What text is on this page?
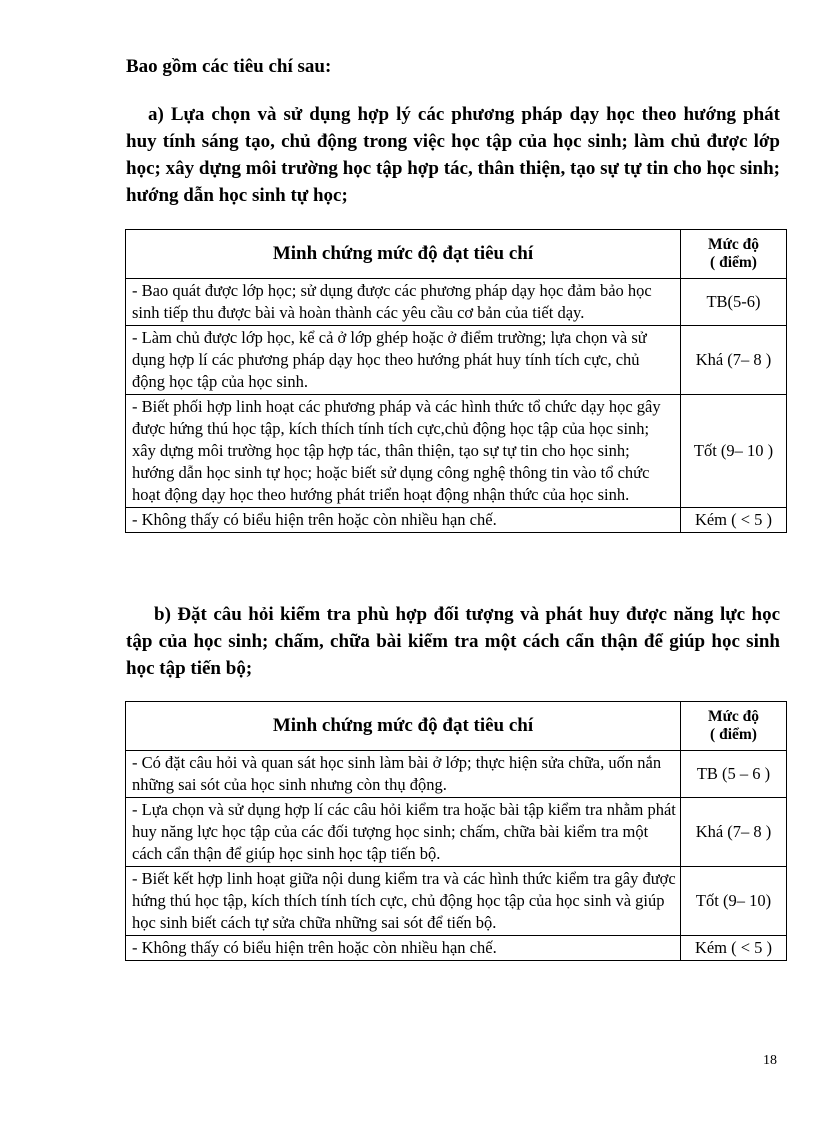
Bao gồm các tiêu chí sau:
a) Lựa chọn và sử dụng hợp lý các phương pháp dạy học theo hướng phát huy tính sáng tạo, chủ động trong việc học tập của học sinh; làm chủ được lớp học; xây dựng môi trường học tập hợp tác, thân thiện, tạo sự tự tin cho học sinh; hướng dẫn học sinh tự học;
Minh chứng mức độ đạt tiêu chí	Mức độ
( điểm)

- Bao quát được lớp học; sử dụng được các phương pháp dạy học đảm bảo học sinh tiếp thu được bài và hoàn thành các yêu cầu cơ bản của tiết dạy.	TB(5-6)
- Làm chủ được lớp học, kể cả ở lớp ghép hoặc ở điểm trường; lựa chọn và sử dụng hợp lí các phương pháp dạy học theo hướng phát huy tính tích cực, chủ động học tập của học sinh.	Khá (7– 8 )
- Biết phối hợp linh hoạt các phương pháp và các hình thức tổ chức dạy học gây được hứng thú học tập, kích thích tính tích cực,chủ động học tập của học sinh; xây dựng môi trường học tập hợp tác, thân thiện, tạo sự tự tin cho học sinh; hướng dẫn học sinh tự học; hoặc biết sử dụng công nghệ thông tin vào tổ chức hoạt động dạy học theo hướng phát triển hoạt động nhận thức của học sinh.	Tốt (9– 10 )
- Không thấy có biểu hiện trên hoặc còn nhiều hạn chế.	Kém ( < 5 )
b) Đặt câu hỏi kiểm tra phù hợp đối tượng và phát huy được năng lực học tập của học sinh; chấm, chữa bài kiểm tra một cách cẩn thận để giúp học sinh học tập tiến bộ;
Minh chứng mức độ đạt tiêu chí	Mức độ
( điểm)

- Có đặt câu hỏi và quan sát học sinh làm bài ở lớp; thực hiện sửa chữa, uốn nắn những sai sót của học sinh nhưng còn thụ động.	TB (5 – 6 )
- Lựa chọn và sử dụng hợp lí các câu hỏi kiểm tra hoặc bài tập kiểm tra nhằm phát huy năng lực học tập của các đối tượng học sinh; chấm, chữa bài kiểm tra một cách cẩn thận để giúp học sinh học tập tiến bộ.	Khá (7– 8 )
- Biết kết hợp linh hoạt giữa nội dung kiểm tra và các hình thức kiểm tra gây được hứng thú học tập, kích thích tính tích cực, chủ động học tập của học sinh và giúp học sinh biết cách tự sửa chữa những sai sót để tiến bộ.	Tốt (9– 10)
- Không thấy có biểu hiện trên hoặc còn nhiều hạn chế.	Kém ( < 5 )
18
